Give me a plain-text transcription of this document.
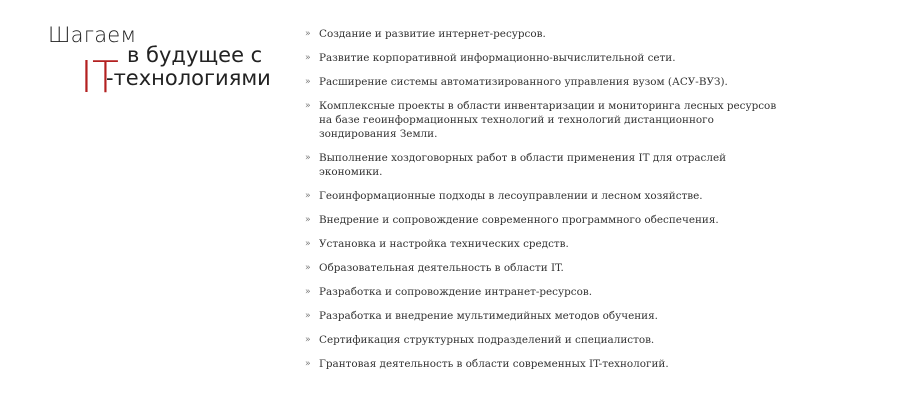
Шагаем
в будущее с
IT
-технологиями
» Создание и развитие интернет-ресурсов.
» Развитие корпоративной информационно-вычислительной сети.
» Расширение системы автоматизированного управления вузом (АСУ-ВУЗ).
» Комплексные проекты в области инвентаризации и мониторинга лесных ресурсов на базе геоинформационных технологий и технологий дистанционного зондирования Земли.
» Выполнение хоздоговорных работ в области применения IT для отраслей экономики.
» Геоинформационные подходы в лесоуправлении и лесном хозяйстве.
» Внедрение и сопровождение современного программного обеспечения.
» Установка и настройка технических средств.
» Образовательная деятельность в области IT.
» Разработка и сопровождение интранет-ресурсов.
» Разработка и внедрение мультимедийных методов обучения.
» Сертификация структурных подразделений и специалистов.
» Грантовая деятельность в области современных IT-технологий.
